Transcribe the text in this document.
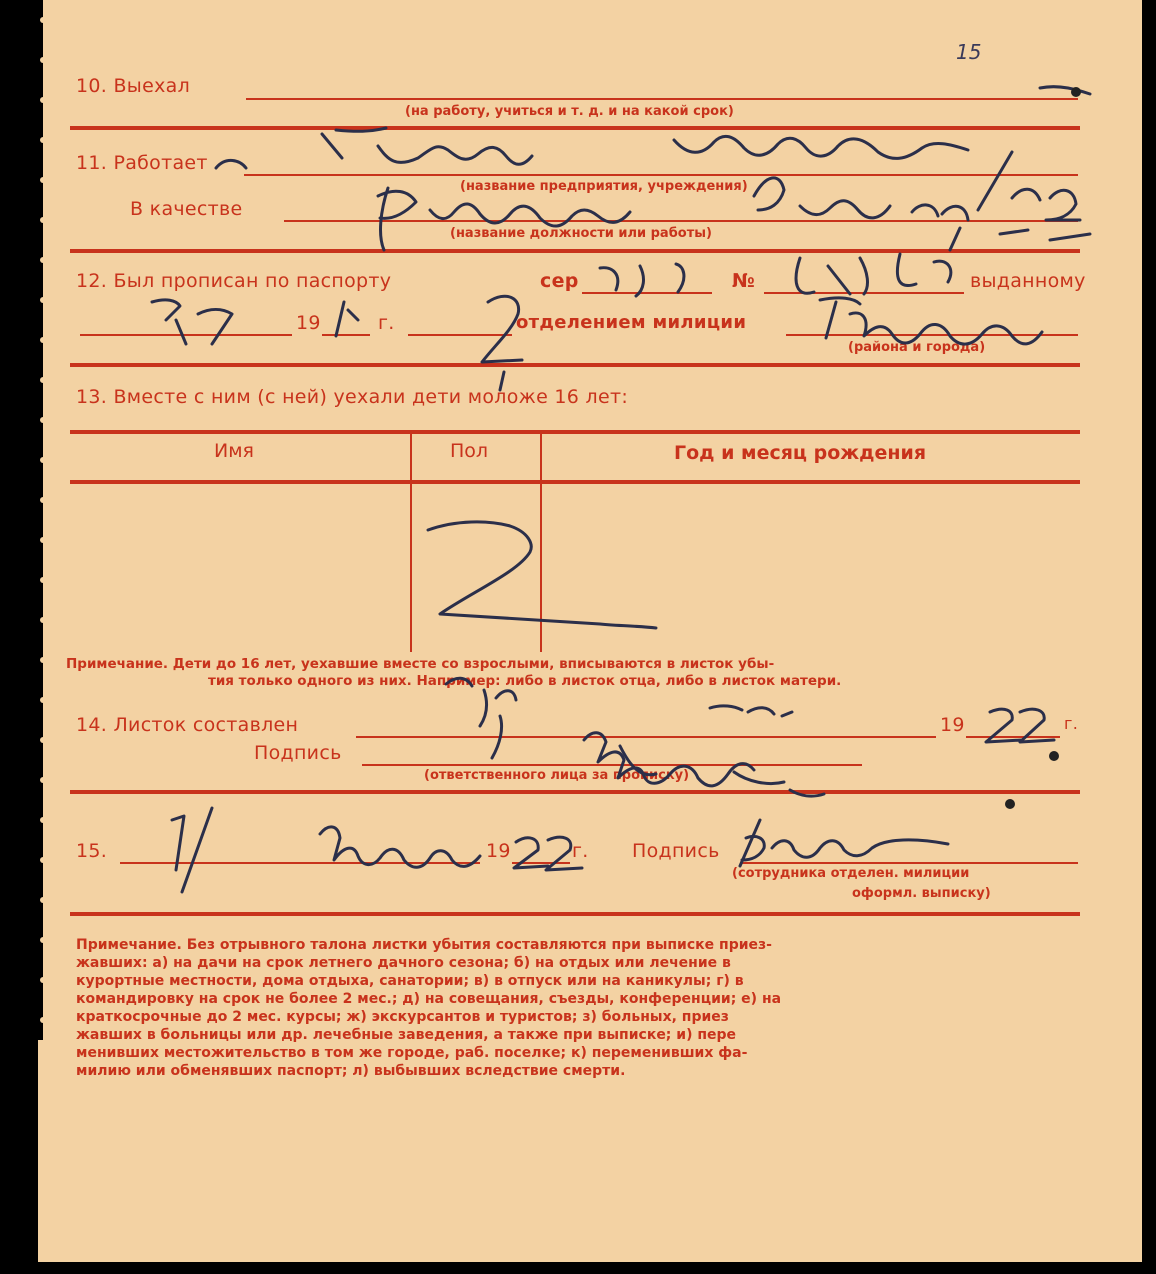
15
10. Выехал
(на работу, учиться и т. д. и на какой срок)
11. Работает
(название предприятия, учреждения)
В качестве
(название должности или работы)
12. Был прописан по паспорту	сер	№	выданному
19	г.	отделением милиции
(района и города)
13. Вместе с ним (с ней) уехали дети моложе 16 лет:
Имя	Пол	Год и месяц рождения
Примечание. Дети до 16 лет, уехавшие вместе со взрослыми, вписываются в листок убы-
тия только одного из них. Например: либо в листок отца, либо в листок матери.
14. Листок составлен	19	г.
Подпись
(ответственного лица за прописку)
15.	19	г. Подпись
(сотрудника отделен. милиции
оформл. выписку)
Примечание. Без отрывного талона листки убытия составляются при выписке приез-
жавших: а) на дачи на срок летнего дачного сезона; б) на отдых или лечение в
курортные местности, дома отдыха, санатории; в) в отпуск или на каникулы; г) в
командировку на срок не более 2 мес.; д) на совещания, съезды, конференции; е) на
краткосрочные до 2 мес. курсы; ж) экскурсантов и туристов; з) больных, приез
жавших в больницы или др. лечебные заведения, а также при выписке; и) пере
менивших местожительство в том же городе, раб. поселке; к) переменивших фа-
милию или обменявших паспорт; л) выбывших вследствие смерти.
